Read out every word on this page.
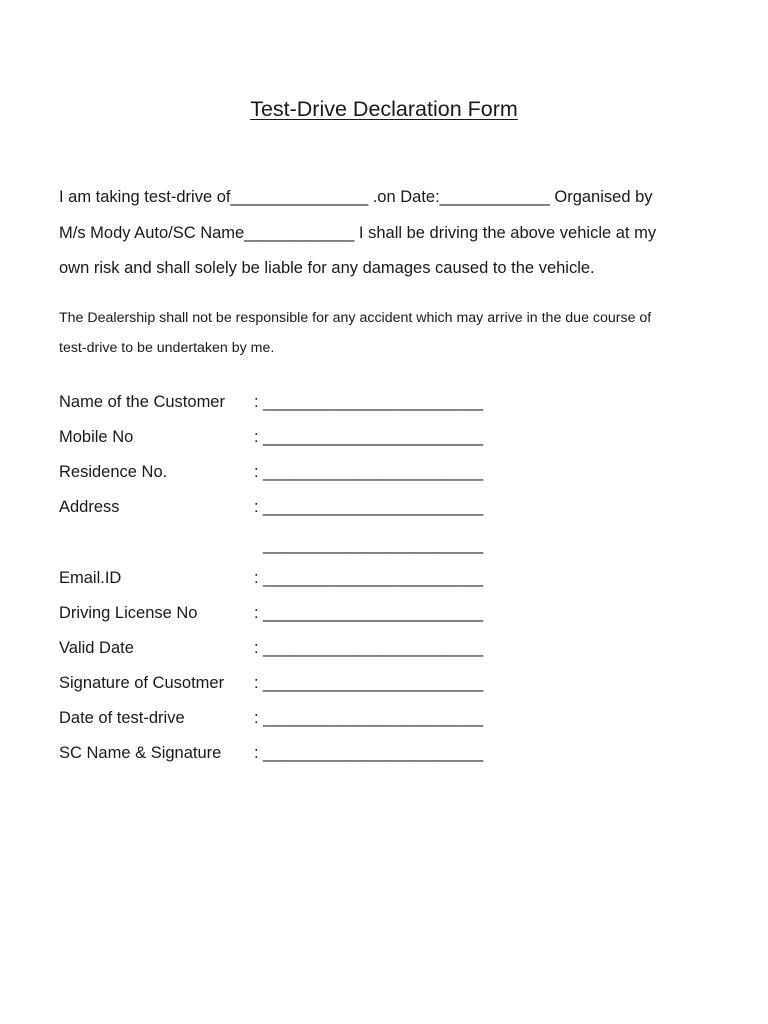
Test-Drive Declaration Form

I am taking test-drive of_______________ .on Date:____________ Organised by
M/s Mody Auto/SC Name____________ I shall be driving the above vehicle at my
own risk and shall solely be liable for any damages caused to the vehicle.

The Dealership shall not be responsible for any accident which may arrive in the due course of
test-drive to be undertaken by me.

Name of the Customer : ________________________
Mobile No	: ________________________
Residence No.	: ________________________
Address	: ________________________
________________________
Email.ID	: ________________________
Driving License No	: ________________________
Valid Date	: ________________________
Signature of Cusotmer : ________________________
Date of test-drive	: ________________________
SC Name & Signature : ________________________
